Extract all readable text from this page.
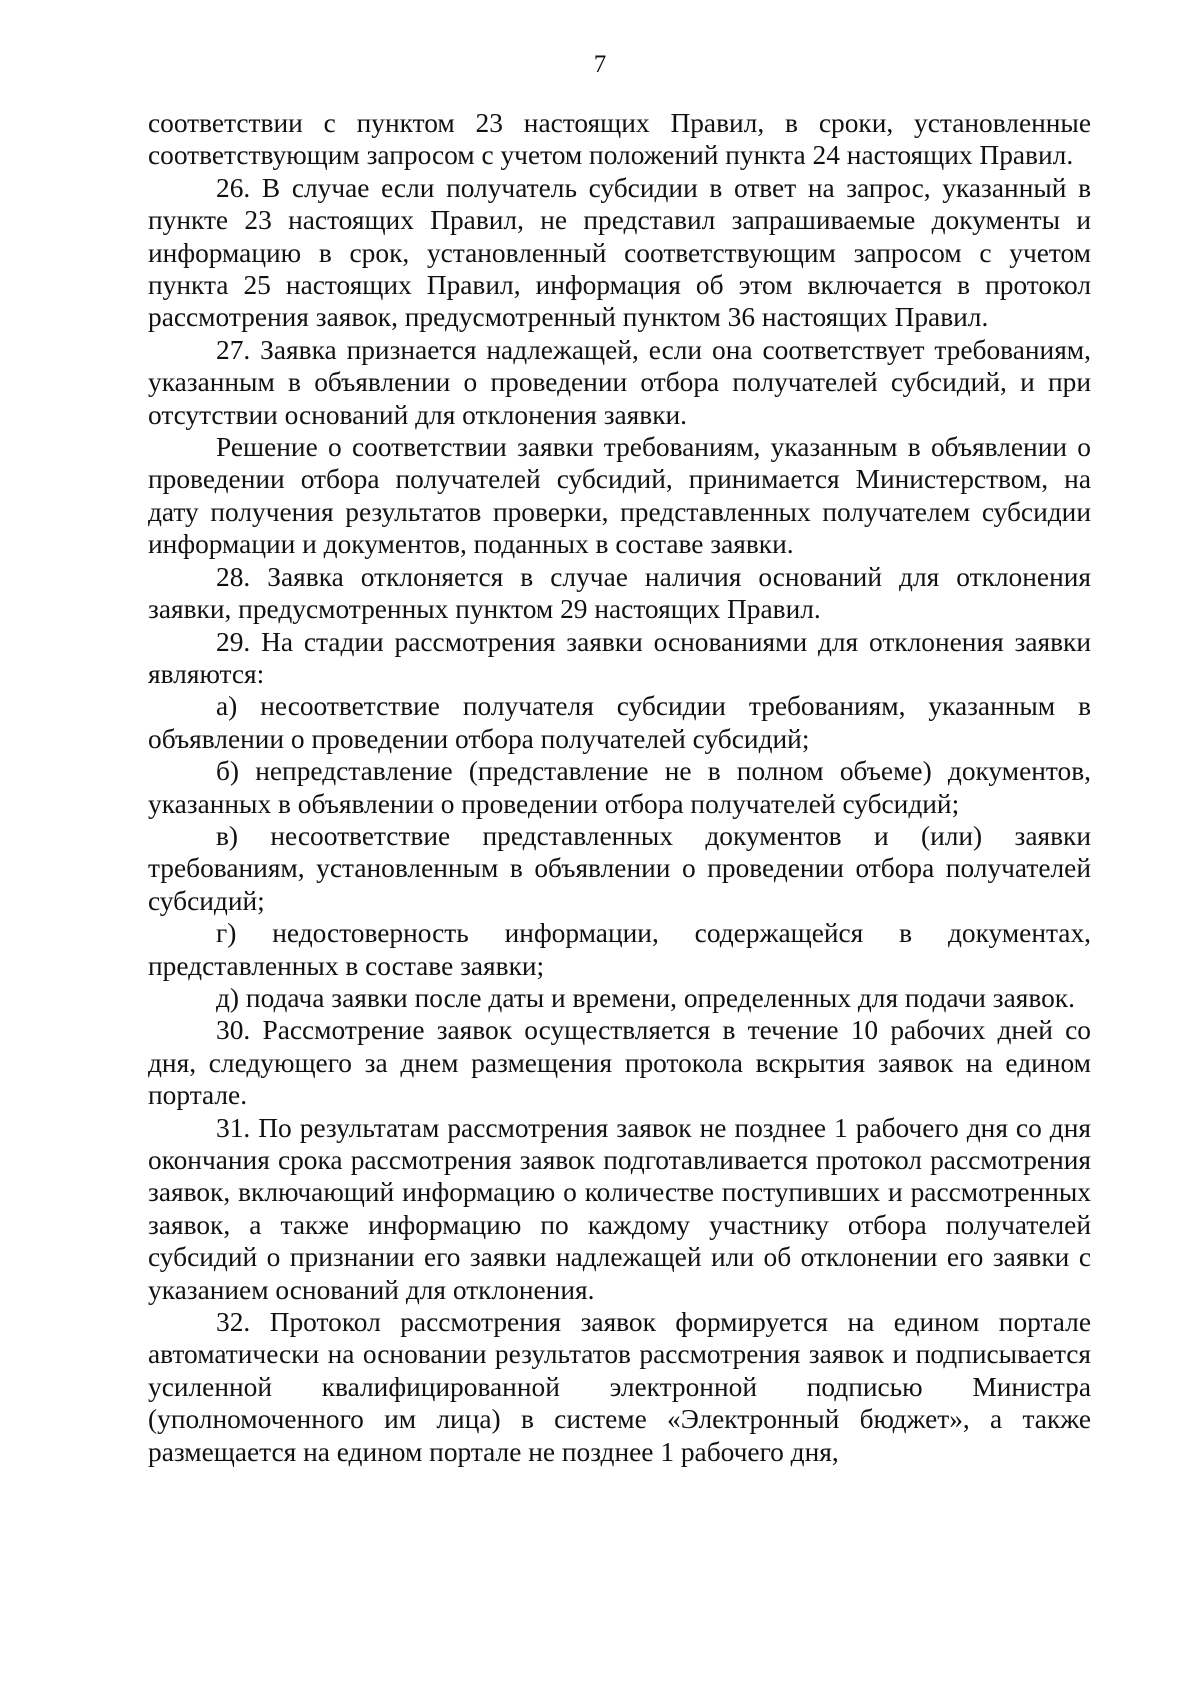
7

соответствии с пунктом 23 настоящих Правил, в сроки, установленные соответствующим запросом с учетом положений пункта 24 настоящих Правил.

26. В случае если получатель субсидии в ответ на запрос, указанный в пункте 23 настоящих Правил, не представил запрашиваемые документы и информацию в срок, установленный соответствующим запросом с учетом пункта 25 настоящих Правил, информация об этом включается в протокол рассмотрения заявок, предусмотренный пунктом 36 настоящих Правил.

27. Заявка признается надлежащей, если она соответствует требованиям, указанным в объявлении о проведении отбора получателей субсидий, и при отсутствии оснований для отклонения заявки.

Решение о соответствии заявки требованиям, указанным в объявлении о проведении отбора получателей субсидий, принимается Министерством, на дату получения результатов проверки, представленных получателем субсидии информации и документов, поданных в составе заявки.

28. Заявка отклоняется в случае наличия оснований для отклонения заявки, предусмотренных пунктом 29 настоящих Правил.

29. На стадии рассмотрения заявки основаниями для отклонения заявки являются:

а) несоответствие получателя субсидии требованиям, указанным в объявлении о проведении отбора получателей субсидий;

б) непредставление (представление не в полном объеме) документов, указанных в объявлении о проведении отбора получателей субсидий;

в) несоответствие представленных документов и (или) заявки требованиям, установленным в объявлении о проведении отбора получателей субсидий;

г) недостоверность информации, содержащейся в документах, представленных в составе заявки;

д) подача заявки после даты и времени, определенных для подачи заявок.

30. Рассмотрение заявок осуществляется в течение 10 рабочих дней со дня, следующего за днем размещения протокола вскрытия заявок на едином портале.

31. По результатам рассмотрения заявок не позднее 1 рабочего дня со дня окончания срока рассмотрения заявок подготавливается протокол рассмотрения заявок, включающий информацию о количестве поступивших и рассмотренных заявок, а также информацию по каждому участнику отбора получателей субсидий о признании его заявки надлежащей или об отклонении его заявки с указанием оснований для отклонения.

32. Протокол рассмотрения заявок формируется на едином портале автоматически на основании результатов рассмотрения заявок и подписывается усиленной квалифицированной электронной подписью Министра (уполномоченного им лица) в системе «Электронный бюджет», а также размещается на едином портале не позднее 1 рабочего дня,
